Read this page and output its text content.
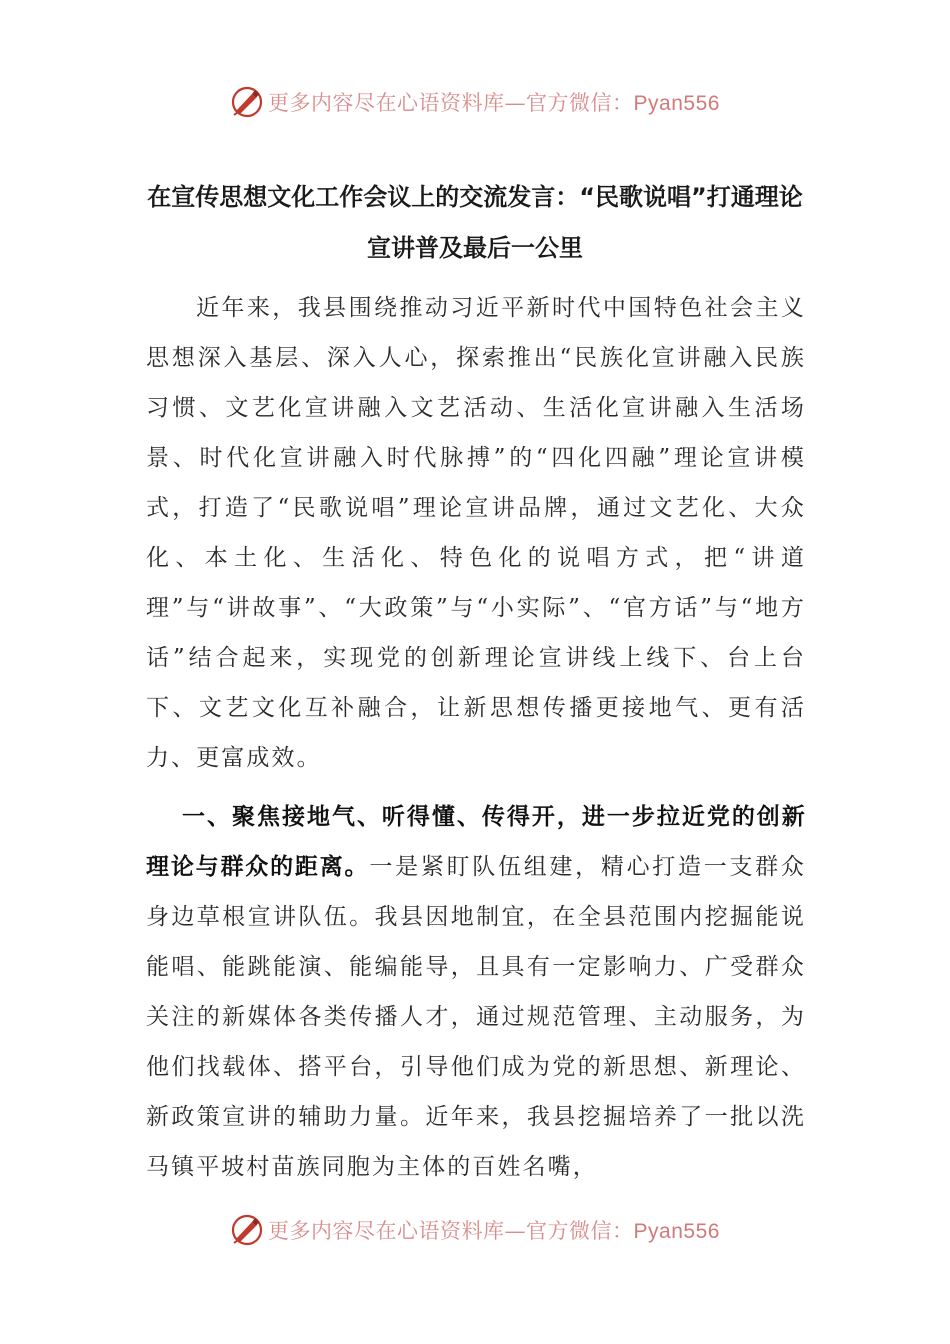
更多内容尽在心语资料库—官方微信：Pyan556
在宣传思想文化工作会议上的交流发言：“民歌说唱”打通理论宣讲普及最后一公里

近年来，我县围绕推动习近平新时代中国特色社会主义思想深入基层、深入人心，探索推出“民族化宣讲融入民族习惯、文艺化宣讲融入文艺活动、生活化宣讲融入生活场景、时代化宣讲融入时代脉搏”的“四化四融”理论宣讲模式，打造了“民歌说唱”理论宣讲品牌，通过文艺化、大众化、本土化、生活化、特色化的说唱方式，把“讲道理”与“讲故事”、“大政策”与“小实际”、“官方话”与“地方话”结合起来，实现党的创新理论宣讲线上线下、台上台下、文艺文化互补融合，让新思想传播更接地气、更有活力、更富成效。

一、聚焦接地气、听得懂、传得开，进一步拉近党的创新理论与群众的距离。一是紧盯队伍组建，精心打造一支群众身边草根宣讲队伍。我县因地制宜，在全县范围内挖掘能说能唱、能跳能演、能编能导，且具有一定影响力、广受群众关注的新媒体各类传播人才，通过规范管理、主动服务，为他们找载体、搭平台，引导他们成为党的新思想、新理论、新政策宣讲的辅助力量。近年来，我县挖掘培养了一批以洗马镇平坡村苗族同胞为主体的百姓名嘴，

更多内容尽在心语资料库—官方微信：Pyan556
